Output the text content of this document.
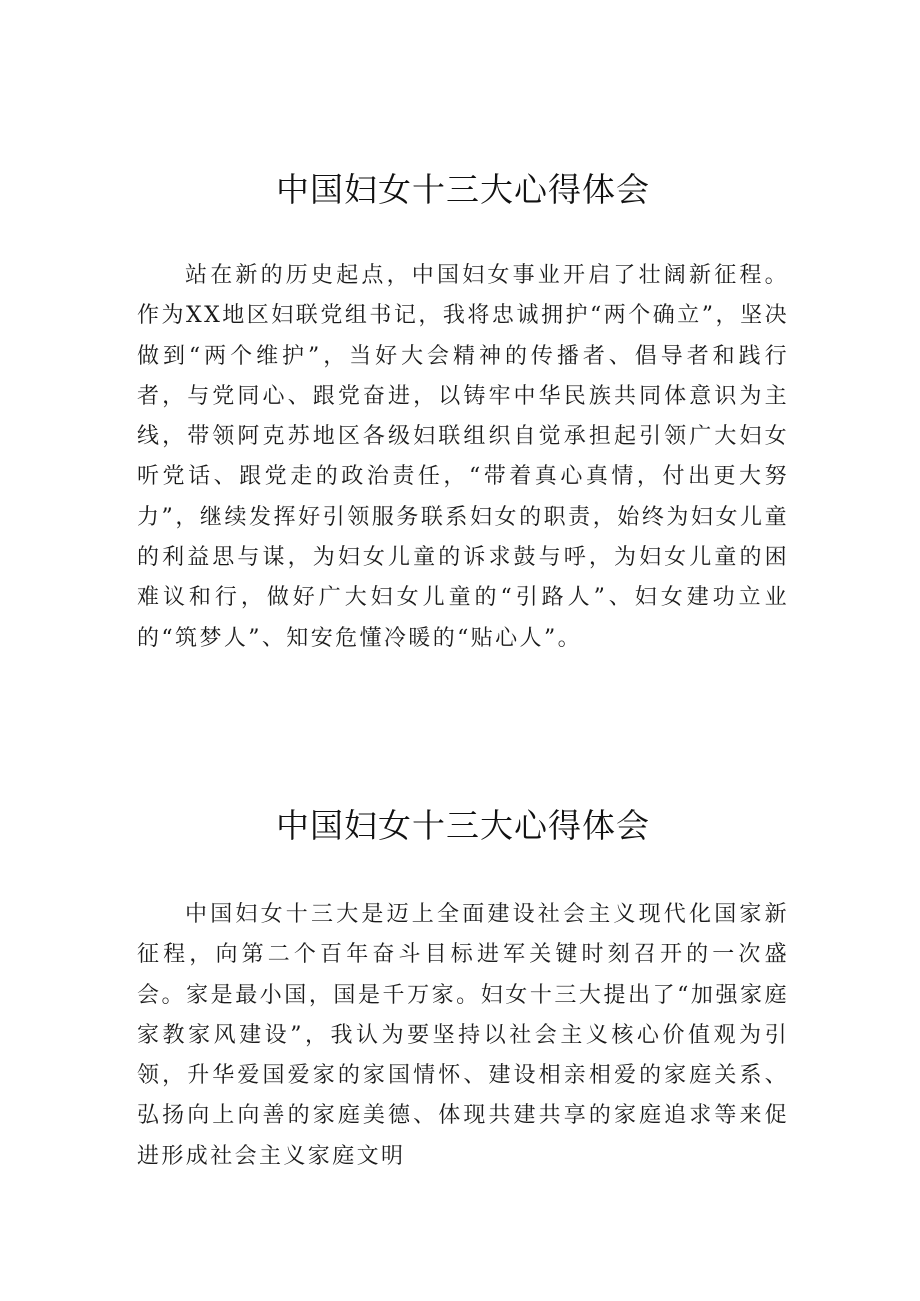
中国妇女十三大心得体会

站在新的历史起点，中国妇女事业开启了壮阔新征程。作为XX地区妇联党组书记，我将忠诚拥护“两个确立”，坚决做到“两个维护”，当好大会精神的传播者、倡导者和践行者，与党同心、跟党奋进，以铸牢中华民族共同体意识为主线，带领阿克苏地区各级妇联组织自觉承担起引领广大妇女听党话、跟党走的政治责任，“带着真心真情，付出更大努力”，继续发挥好引领服务联系妇女的职责，始终为妇女儿童的利益思与谋，为妇女儿童的诉求鼓与呼，为妇女儿童的困难议和行，做好广大妇女儿童的“引路人”、妇女建功立业的“筑梦人”、知安危懂冷暖的“贴心人”。

中国妇女十三大心得体会

中国妇女十三大是迈上全面建设社会主义现代化国家新征程，向第二个百年奋斗目标进军关键时刻召开的一次盛会。家是最小国，国是千万家。妇女十三大提出了“加强家庭家教家风建设”，我认为要坚持以社会主义核心价值观为引领，升华爱国爱家的家国情怀、建设相亲相爱的家庭关系、弘扬向上向善的家庭美德、体现共建共享的家庭追求等来促进形成社会主义家庭文明
